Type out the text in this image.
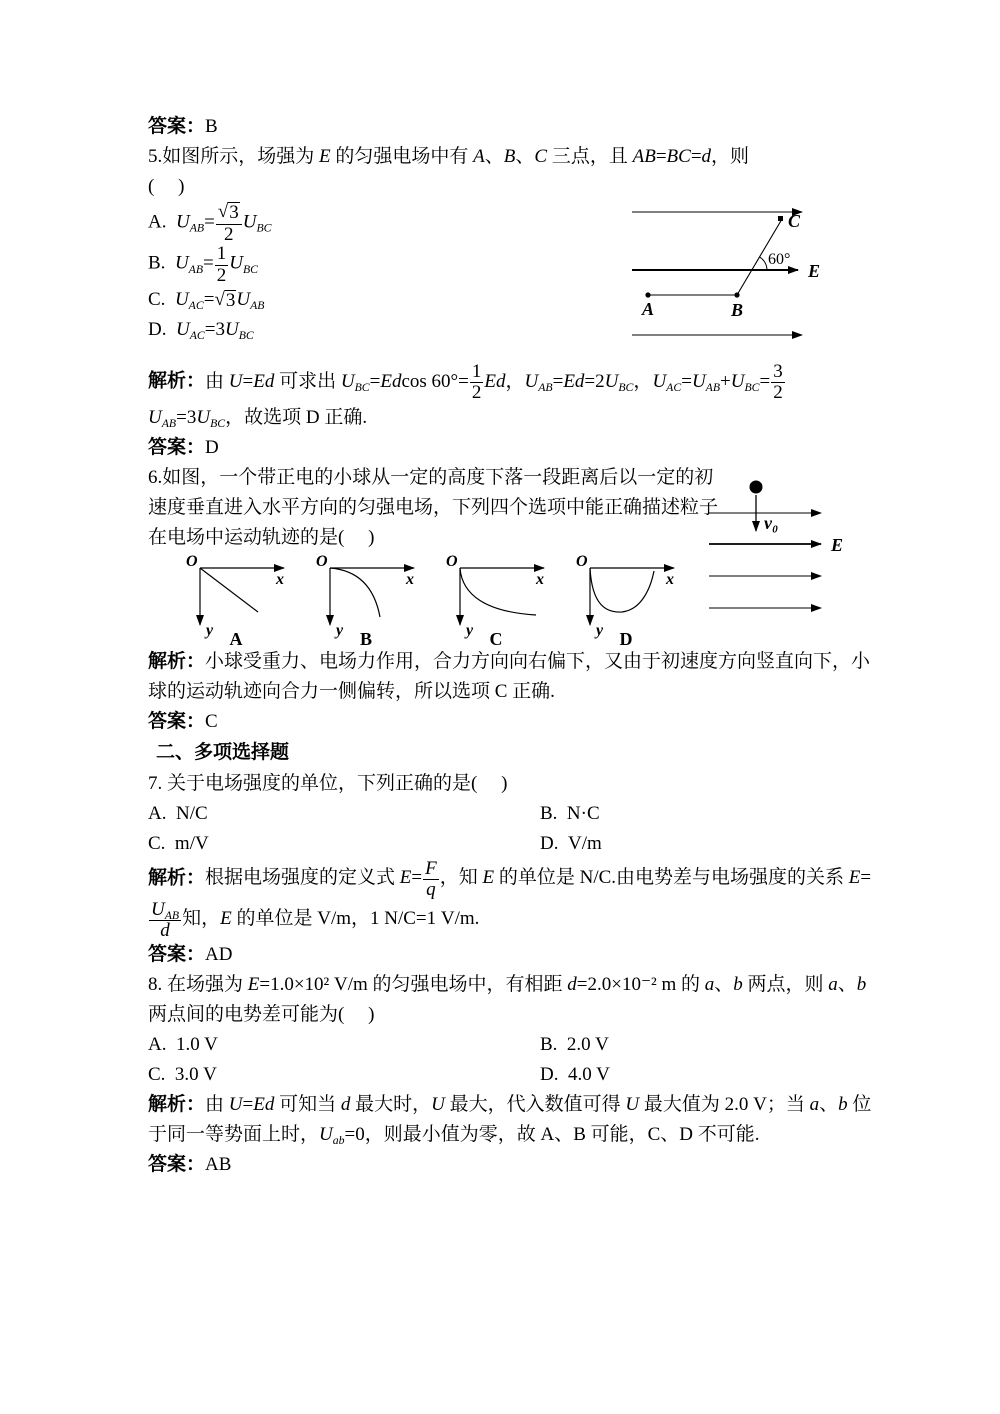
答案：B

5.如图所示，场强为 E 的匀强电场中有 A、B、C 三点，且 AB=BC=d，则

(     )

A.  $U_{AB}= \frac{√ 3}{2} U_{BC}$
B.  $U_{AB}= \frac{1}{2} U_{BC}$
C.  $U_{AC}=$ √ 3 $U_{AB}$
D.  $U_{AC}=3U_{BC}$
C
60°
E
A	B

解析：由 U=Ed 可求出 $U_{BC}=Edcos$ $60^\circ= \frac{1}{2}$ Ed，$U_{AB}=Ed=2U_{BC}$，$U_{AC}=U_{AB}+U_{BC}= \frac{3}{2}$
$U_{AB}=3U_{BC}$，故选项 D 正确.

答案：D

6.如图，一个带正电的小球从一定的高度下落一段距离后以一定的初速度垂直进入水平方向的匀强电场，下列四个选项中能正确描述粒子在电场中运动轨迹的是(     )

v₀
E
O
x
y A
O
x
y B
O
x
y C
O
x
y D

解析：小球受重力、电场力作用，合力方向向右偏下，又由于初速度方向竖直向下，小球的运动轨迹向合力一侧偏转，所以选项 C 正确.

答案：C

二、多项选择题

7. 关于电场强度的单位，下列正确的是(     )

A.  N/C	B.  N·C
C.  m/V	D.  V/m

解析：根据电场强度的定义式 $E= \frac{F}{q}$ ，知 E 的单位是 N/C.由电势差与电场强度的关系 E=
$\frac{U_{AB}}{d}$ 知，E 的单位是 V/m，1 N/C=1 V/m.

答案：AD

8. 在场强为 E=1.0×10² V/m 的匀强电场中，有相距 d=2.0×10⁻² m 的 a、b 两点，则 a、b 两点间的电势差可能为(     )

A.  1.0 V	B.  2.0 V
C.  3.0 V	D.  4.0 V

解析：由 U=Ed 可知当 d 最大时，U 最大，代入数值可得 U 最大值为 2.0 V；当 a、b 位于同一等势面上时，$U_{ab}=0$，则最小值为零，故 A、B 可能，C、D 不可能.

答案：AB
